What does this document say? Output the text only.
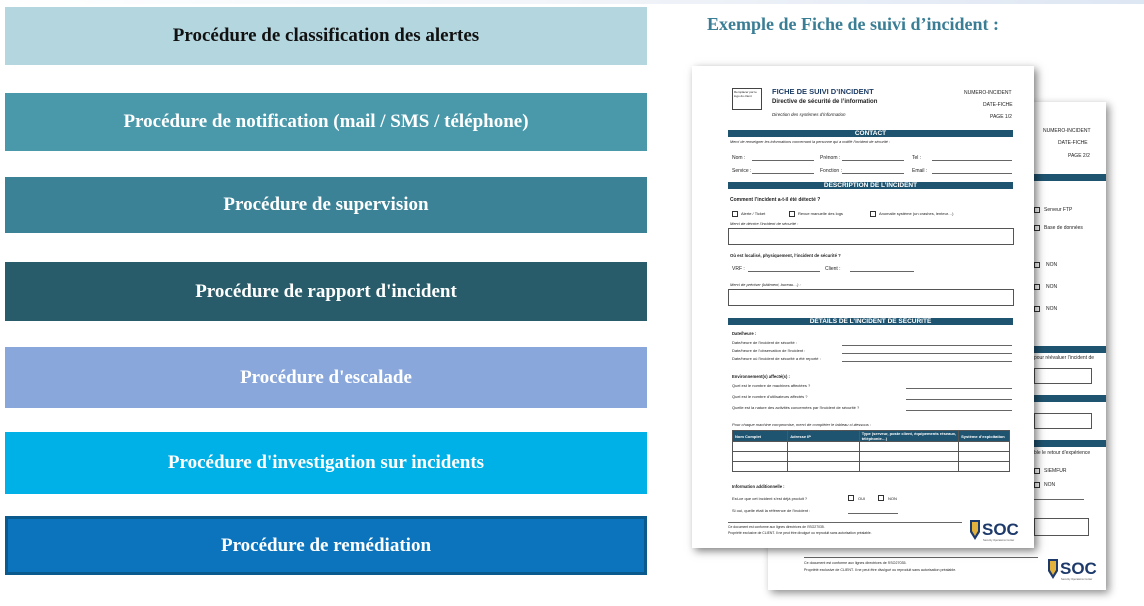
Procédure de classification des alertes
Procédure de notification (mail / SMS / téléphone)
Procédure de supervision
Procédure de rapport d'incident
Procédure d'escalade
Procédure d'investigation sur incidents
Procédure de remédiation
Exemple de Fiche de suivi d’incident :
NUMERO-INCIDENT
DATE-FICHE
PAGE 2/2
Serveur FTP
Base de données
NON
NON
NON
pour réévaluer l’incident de
ble le retour d’expérience
SIEMFUR
NON
Ce document est conforme aux lignes directrices de l’ISO27035.
Propriété exclusive de CLIENT. Il ne peut être divulgué ou reproduit sans autorisation préalable.	SOC
Security Operations Center
Remplacer par le logo du client	FICHE DE SUIVI D’INCIDENT
Directive de sécurité de l’information
Direction des systèmes d’information
NUMERO-INCIDENT
DATE-FICHE
PAGE 1/2
CONTACT
Merci de renseigner les informations concernant la personne qui a notifié l’incident de sécurité :
Nom :	Prénom :	Tel :
Service :	Fonction :	Email :
DESCRIPTION DE L’INCIDENT
Comment l’incident a-t-il été détecté ?
Alerte / Ticket	Revue manuelle des logs	Anomalie système (un crashes, lenteur…)
Merci de décrire l’incident de sécurité :
Où est localisé, physiquement, l’incident de sécurité ?
VRF :	Client :
Merci de préciser (bâtiment, bureau…) :
DÉTAILS DE L’INCIDENT DE SÉCURITÉ
Date/heure :
Date/heure de l’incident de sécurité :
Date/heure de l’observation de l’incident :
Date/heure où l’incident de sécurité a été reporté :
Environnement(s) affecté(s) :
Quel est le nombre de machines affectées ?
Quel est le nombre d’utilisateurs affectés ?
Quelle est la nature des activités concernées par l’incident de sécurité ?
Pour chaque machine compromise, merci de compléter le tableau ci-dessous :
Nom Complet	Adresse IP	Type (serveur, poste client, équipements réseaux, téléphonie…)	Système d’exploitation

Information additionnelle :
Est-ce que cet incident s’est déjà produit ?	OUI	NON
Si oui, quelle était la référence de l’incident :
Ce document est conforme aux lignes directrices de l’ISO27035.
Propriété exclusive de CLIENT. Il ne peut être divulgué ou reproduit sans autorisation préalable.	SOC
Security Operations Center
